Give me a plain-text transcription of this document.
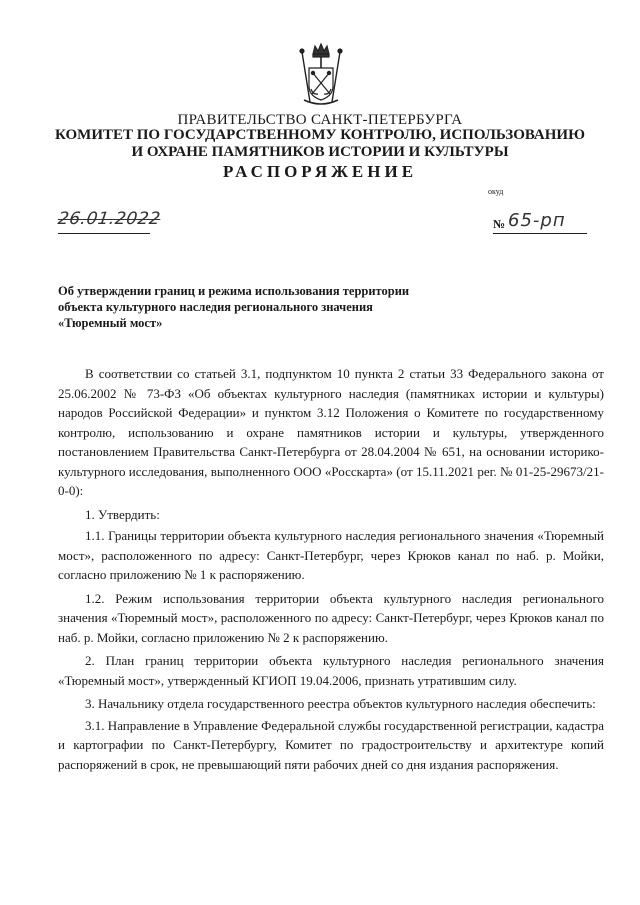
ПРАВИТЕЛЬСТВО САНКТ-ПЕТЕРБУРГА
КОМИТЕТ ПО ГОСУДАРСТВЕННОМУ КОНТРОЛЮ, ИСПОЛЬЗОВАНИЮ
И ОХРАНЕ ПАМЯТНИКОВ ИСТОРИИ И КУЛЬТУРЫ
РАСПОРЯЖЕНИЕ
окуд
26.01.2022	№ 65-рп
Об утверждении границ и режима использования территории
объекта культурного наследия регионального значения
«Тюремный мост»

В соответствии со статьей 3.1, подпунктом 10 пункта 2 статьи 33 Федерального закона от 25.06.2002 № 73-ФЗ «Об объектах культурного наследия (памятниках истории и культуры) народов Российской Федерации» и пунктом 3.12 Положения о Комитете по государственному контролю, использованию и охране памятников истории и культуры, утвержденного постановлением Правительства Санкт-Петербурга от 28.04.2004 № 651, на основании историко-культурного исследования, выполненного ООО «Росскарта» (от 15.11.2021 рег. № 01-25-29673/21-0-0):

1. Утвердить:

1.1. Границы территории объекта культурного наследия регионального значения «Тюремный мост», расположенного по адресу: Санкт-Петербург, через Крюков канал по наб. р. Мойки, согласно приложению № 1 к распоряжению.

1.2. Режим использования территории объекта культурного наследия регионального значения «Тюремный мост», расположенного по адресу: Санкт-Петербург, через Крюков канал по наб. р. Мойки, согласно приложению № 2 к распоряжению.

2. План границ территории объекта культурного наследия регионального значения «Тюремный мост», утвержденный КГИОП 19.04.2006, признать утратившим силу.

3. Начальнику отдела государственного реестра объектов культурного наследия обеспечить:

3.1. Направление в Управление Федеральной службы государственной регистрации, кадастра и картографии по Санкт-Петербургу, Комитет по градостроительству и архитектуре копий распоряжений в срок, не превышающий пяти рабочих дней со дня издания распоряжения.
